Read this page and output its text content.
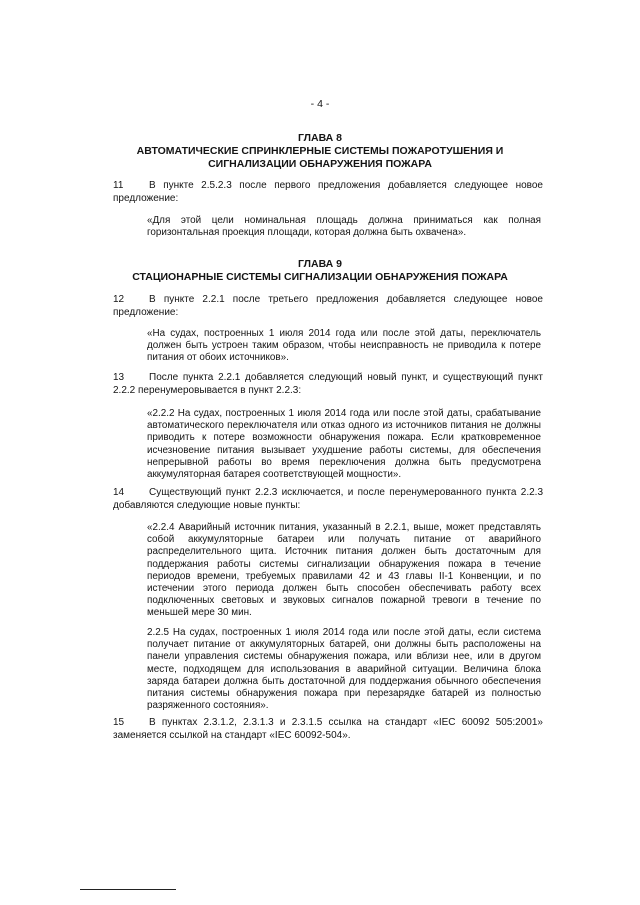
- 4 -
ГЛАВА 8
АВТОМАТИЧЕСКИЕ СПРИНКЛЕРНЫЕ СИСТЕМЫ ПОЖАРОТУШЕНИЯ И СИГНАЛИЗАЦИИ ОБНАРУЖЕНИЯ ПОЖАРА
11	В пункте 2.5.2.3 после первого предложения добавляется следующее новое предложение:
«Для этой цели номинальная площадь должна приниматься как полная горизонтальная проекция площади, которая должна быть охвачена».
ГЛАВА 9
СТАЦИОНАРНЫЕ СИСТЕМЫ СИГНАЛИЗАЦИИ ОБНАРУЖЕНИЯ ПОЖАРА
12 В пункте 2.2.1 после третьего предложения добавляется следующее новое предложение:
«На судах, построенных 1 июля 2014 года или после этой даты, переключатель должен быть устроен таким образом, чтобы неисправность не приводила к потере питания от обоих источников».
13 После пункта 2.2.1 добавляется следующий новый пункт, и существующий пункт 2.2.2 перенумеровывается в пункт 2.2.3:
«2.2.2 На судах, построенных 1 июля 2014 года или после этой даты, срабатывание автоматического переключателя или отказ одного из источников питания не должны приводить к потере возможности обнаружения пожара. Если кратковременное исчезновение питания вызывает ухудшение работы системы, для обеспечения непрерывной работы во время переключения должна быть предусмотрена аккумуляторная батарея соответствующей мощности».
14 Существующий пункт 2.2.3 исключается, и после перенумерованного пункта 2.2.3 добавляются следующие новые пункты:
«2.2.4 Аварийный источник питания, указанный в 2.2.1, выше, может представлять собой аккумуляторные батареи или получать питание от аварийного распределительного щита. Источник питания должен быть достаточным для поддержания работы системы сигнализации обнаружения пожара в течение периодов времени, требуемых правилами 42 и 43 главы II-1 Конвенции, и по истечении этого периода должен быть способен обеспечивать работу всех подключенных световых и звуковых сигналов пожарной тревоги в течение по меньшей мере 30 мин.
2.2.5 На судах, построенных 1 июля 2014 года или после этой даты, если система получает питание от аккумуляторных батарей, они должны быть расположены на панели управления системы обнаружения пожара, или вблизи нее, или в другом месте, подходящем для использования в аварийной ситуации. Величина блока заряда батареи должна быть достаточной для поддержания обычного обеспечения питания системы обнаружения пожара при перезарядке батарей из полностью разряженного состояния».
15 В пунктах 2.3.1.2, 2.3.1.3 и 2.3.1.5 ссылка на стандарт «IEC 60092 505:2001» заменяется ссылкой на стандарт «IEC 60092-504».
